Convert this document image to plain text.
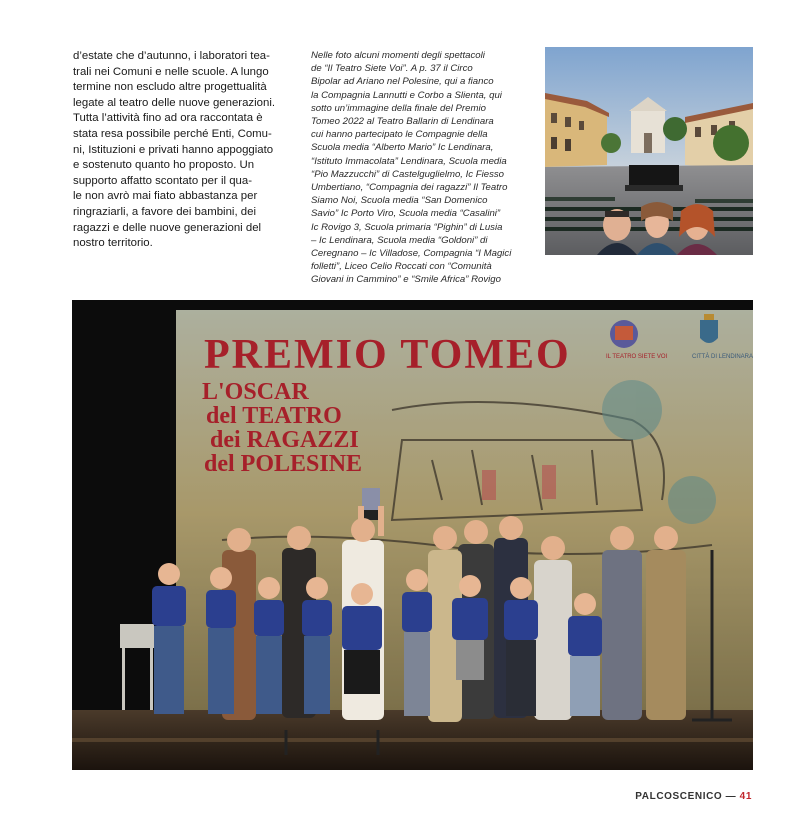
d’estate che d’autunno, i laboratori tea-
trali nei Comuni e nelle scuole. A lungo
termine non escludo altre progettualità
legate al teatro delle nuove generazioni.
Tutta l’attività fino ad ora raccontata è
stata resa possibile perché Enti, Comu-
ni, Istituzioni e privati hanno appoggiato
e sostenuto quanto ho proposto. Un
supporto affatto scontato per il qua-
le non avrò mai fiato abbastanza per
ringraziarli, a favore dei bambini, dei
ragazzi e delle nuove generazioni del
nostro territorio.
Nelle foto alcuni momenti degli spettacoli
de “Il Teatro Siete Voi”. A p. 37 il Circo
Bipolar ad Ariano nel Polesine, qui a fianco
la Compagnia Lannutti e Corbo a Slienta, qui
sotto un’immagine della finale del Premio
Tomeo 2022 al Teatro Ballarin di Lendinara
cui hanno partecipato le Compagnie della
Scuola media “Alberto Mario” Ic Lendinara,
“Istituto Immacolata” Lendinara, Scuola media
“Pio Mazzucchi” di Castelguglielmo, Ic Fiesso
Umbertiano, “Compagnia dei ragazzi” Il Teatro
Siamo Noi, Scuola media “San Domenico
Savio” Ic Porto Viro, Scuola media “Casalini”
Ic Rovigo 3, Scuola primaria “Pighin” di Lusia
– Ic Lendinara, Scuola media “Goldoni” di
Ceregnano – Ic Villadose, Compagnia “I Magici
folletti”, Liceo Celio Roccati con “Comunità
Giovani in Cammino” e “Smile Africa” Rovigo
PREMIO TOMEO
L'OSCAR
del TEATRO
dei RAGAZZI
del POLESINE
IL TEATRO SIETE VOI	CITTÀ DI LENDINARA
PALCOSCENICO — 41
